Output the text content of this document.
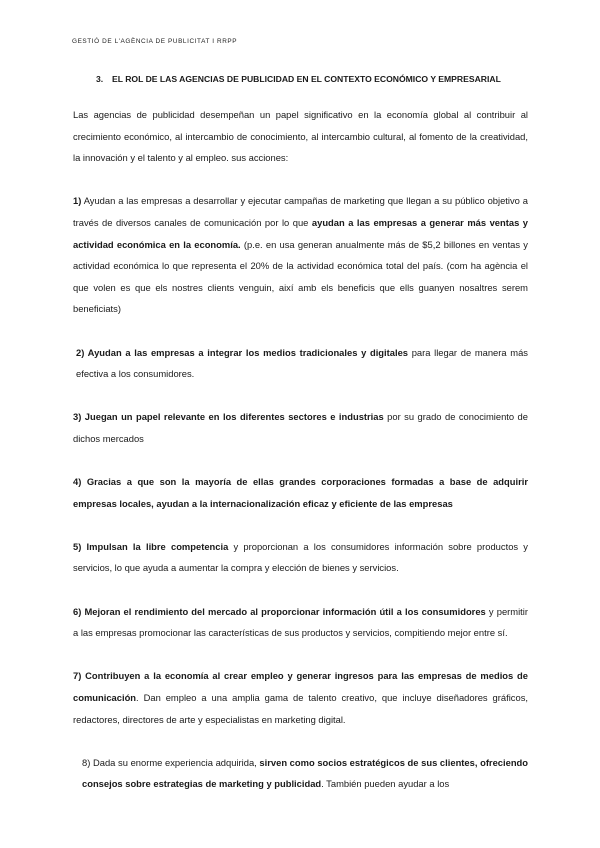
GESTIÓ DE L'AGÈNCIA DE PUBLICITAT I RRPP
3. EL ROL DE LAS AGENCIAS DE PUBLICIDAD EN EL CONTEXTO ECONÓMICO Y EMPRESARIAL

Las agencias de publicidad desempeñan un papel significativo en la economía global al contribuir al crecimiento económico, al intercambio de conocimiento, al intercambio cultural, al fomento de la creatividad, la innovación y el talento y al empleo. sus acciones:

1) Ayudan a las empresas a desarrollar y ejecutar campañas de marketing que llegan a su público objetivo a través de diversos canales de comunicación por lo que ayudan a las empresas a generar más ventas y actividad económica en la economía. (p.e. en usa generan anualmente más de $5,2 billones en ventas y actividad económica lo que representa el 20% de la actividad económica total del país. (com ha agència el que volen es que els nostres clients venguin, així amb els beneficis que ells guanyen nosaltres serem beneficiats)

2) Ayudan a las empresas a integrar los medios tradicionales y digitales para llegar de manera más efectiva a los consumidores.

3) Juegan un papel relevante en los diferentes sectores e industrias por su grado de conocimiento de dichos mercados

4) Gracias a que son la mayoría de ellas grandes corporaciones formadas a base de adquirir empresas locales, ayudan a la internacionalización eficaz y eficiente de las empresas

5) Impulsan la libre competencia y proporcionan a los consumidores información sobre productos y servicios, lo que ayuda a aumentar la compra y elección de bienes y servicios.

6) Mejoran el rendimiento del mercado al proporcionar información útil a los consumidores y permitir a las empresas promocionar las características de sus productos y servicios, compitiendo mejor entre sí.

7) Contribuyen a la economía al crear empleo y generar ingresos para las empresas de medios de comunicación. Dan empleo a una amplia gama de talento creativo, que incluye diseñadores gráficos, redactores, directores de arte y especialistas en marketing digital.

8) Dada su enorme experiencia adquirida, sirven como socios estratégicos de sus clientes, ofreciendo consejos sobre estrategias de marketing y publicidad. También pueden ayudar a los
